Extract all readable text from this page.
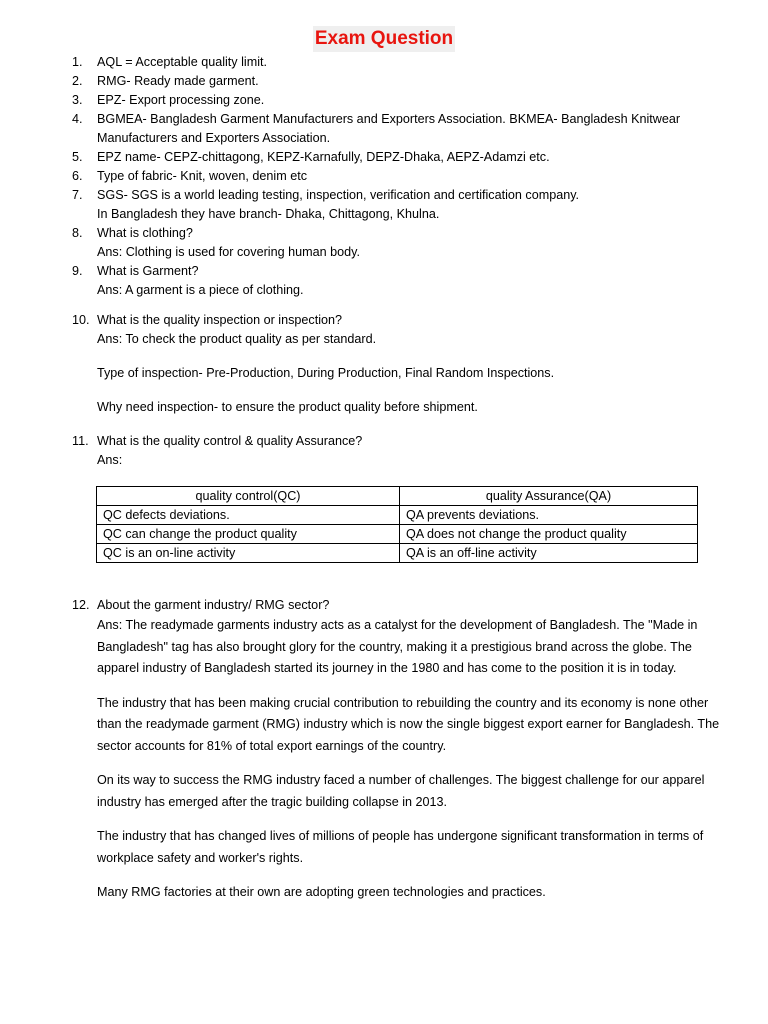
Exam Question
1.	AQL = Acceptable quality limit.
2.	RMG- Ready made garment.
3.	EPZ- Export processing zone.
4.	BGMEA- Bangladesh Garment Manufacturers and Exporters Association. BKMEA- Bangladesh Knitwear Manufacturers and Exporters Association.
5.	EPZ name- CEPZ-chittagong, KEPZ-Karnafully, DEPZ-Dhaka, AEPZ-Adamzi etc.
6.	Type of fabric- Knit, woven, denim etc
7.	SGS- SGS is a world leading testing, inspection, verification and certification company.
In Bangladesh they have branch- Dhaka, Chittagong, Khulna.
8.	What is clothing?
Ans: Clothing is used for covering human body.
9.	What is Garment?
Ans: A garment is a piece of clothing.
10. What is the quality inspection or inspection?
Ans: To check the product quality as per standard.
Type of inspection- Pre-Production, During Production, Final Random Inspections.
Why need inspection- to ensure the product quality before shipment.
11. What is the quality control & quality Assurance?
Ans:
quality control(QC)	quality Assurance(QA)
QC defects deviations.	QA prevents deviations.
QC can change the product quality	QA does not change the product quality
QC is an on-line activity	QA is an off-line activity
12. About the garment industry/ RMG sector?

Ans: The readymade garments industry acts as a catalyst for the development of Bangladesh. The "Made in Bangladesh" tag has also brought glory for the country, making it a prestigious brand across the globe. The apparel industry of Bangladesh started its journey in the 1980 and has come to the position it is in today.

The industry that has been making crucial contribution to rebuilding the country and its economy is none other than the readymade garment (RMG) industry which is now the single biggest export earner for Bangladesh. The sector accounts for 81% of total export earnings of the country.

On its way to success the RMG industry faced a number of challenges. The biggest challenge for our apparel industry has emerged after the tragic building collapse in 2013.

The industry that has changed lives of millions of people has undergone significant transformation in terms of workplace safety and worker's rights.

Many RMG factories at their own are adopting green technologies and practices.
